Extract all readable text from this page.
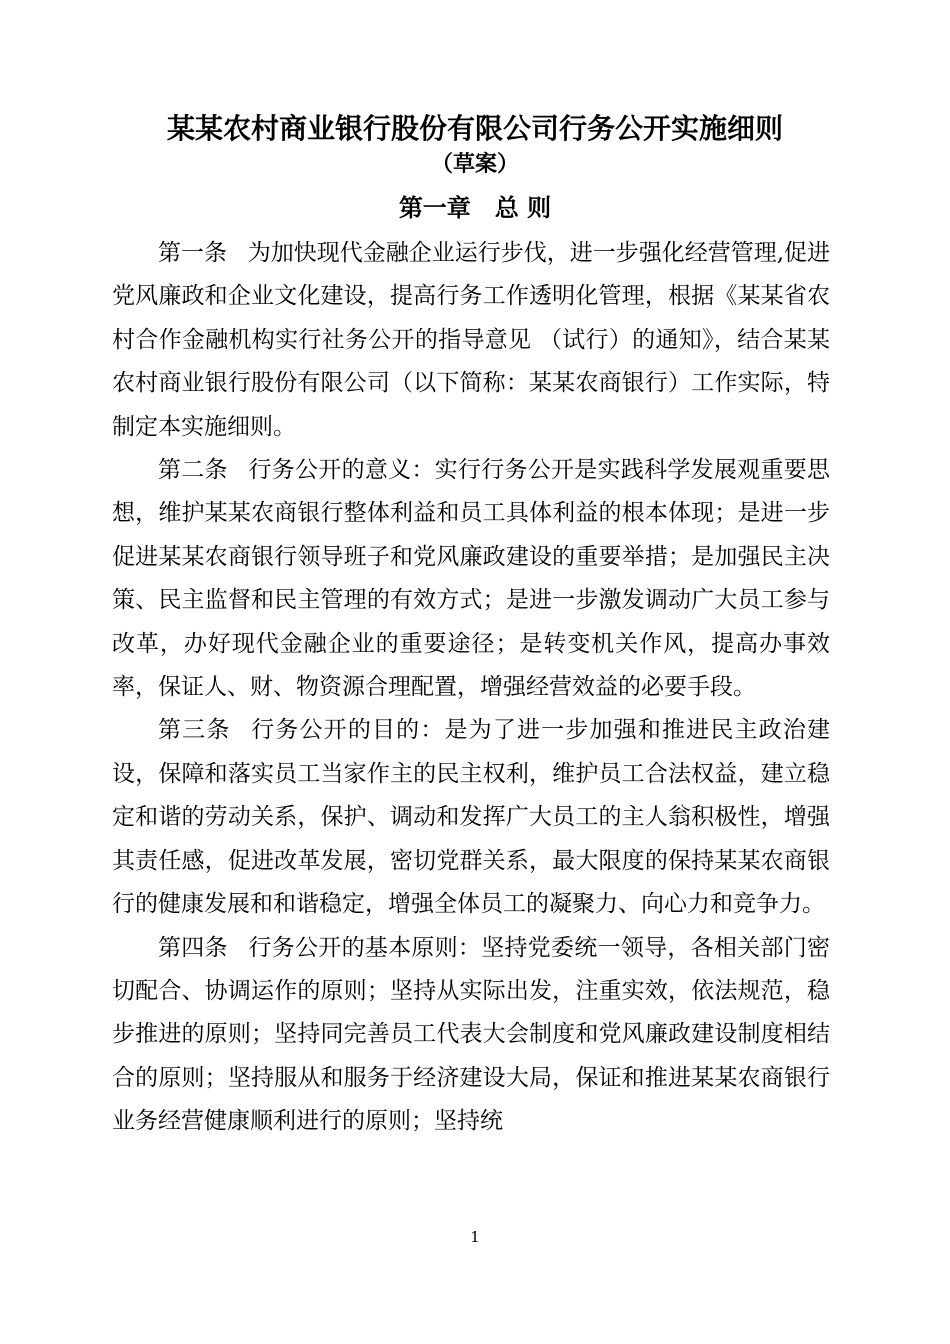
某某农村商业银行股份有限公司行务公开实施细则
（草案）
第一章　总 则

第一条 为加快现代金融企业运行步伐，进一步强化经营管理,促进党风廉政和企业文化建设，提高行务工作透明化管理，根据《某某省农村合作金融机构实行社务公开的指导意见 （试行）的通知》，结合某某农村商业银行股份有限公司（以下简称：某某农商银行）工作实际，特制定本实施细则。

第二条 行务公开的意义：实行行务公开是实践科学发展观重要思想，维护某某农商银行整体利益和员工具体利益的根本体现；是进一步促进某某农商银行领导班子和党风廉政建设的重要举措；是加强民主决策、民主监督和民主管理的有效方式；是进一步激发调动广大员工参与改革，办好现代金融企业的重要途径；是转变机关作风，提高办事效率，保证人、财、物资源合理配置，增强经营效益的必要手段。

第三条 行务公开的目的：是为了进一步加强和推进民主政治建设，保障和落实员工当家作主的民主权利，维护员工合法权益，建立稳定和谐的劳动关系，保护、调动和发挥广大员工的主人翁积极性，增强其责任感，促进改革发展，密切党群关系，最大限度的保持某某农商银行的健康发展和和谐稳定，增强全体员工的凝聚力、向心力和竞争力。

第四条 行务公开的基本原则：坚持党委统一领导，各相关部门密切配合、协调运作的原则；坚持从实际出发，注重实效，依法规范，稳步推进的原则；坚持同完善员工代表大会制度和党风廉政建设制度相结合的原则；坚持服从和服务于经济建设大局，保证和推进某某农商银行业务经营健康顺利进行的原则；坚持统

1
